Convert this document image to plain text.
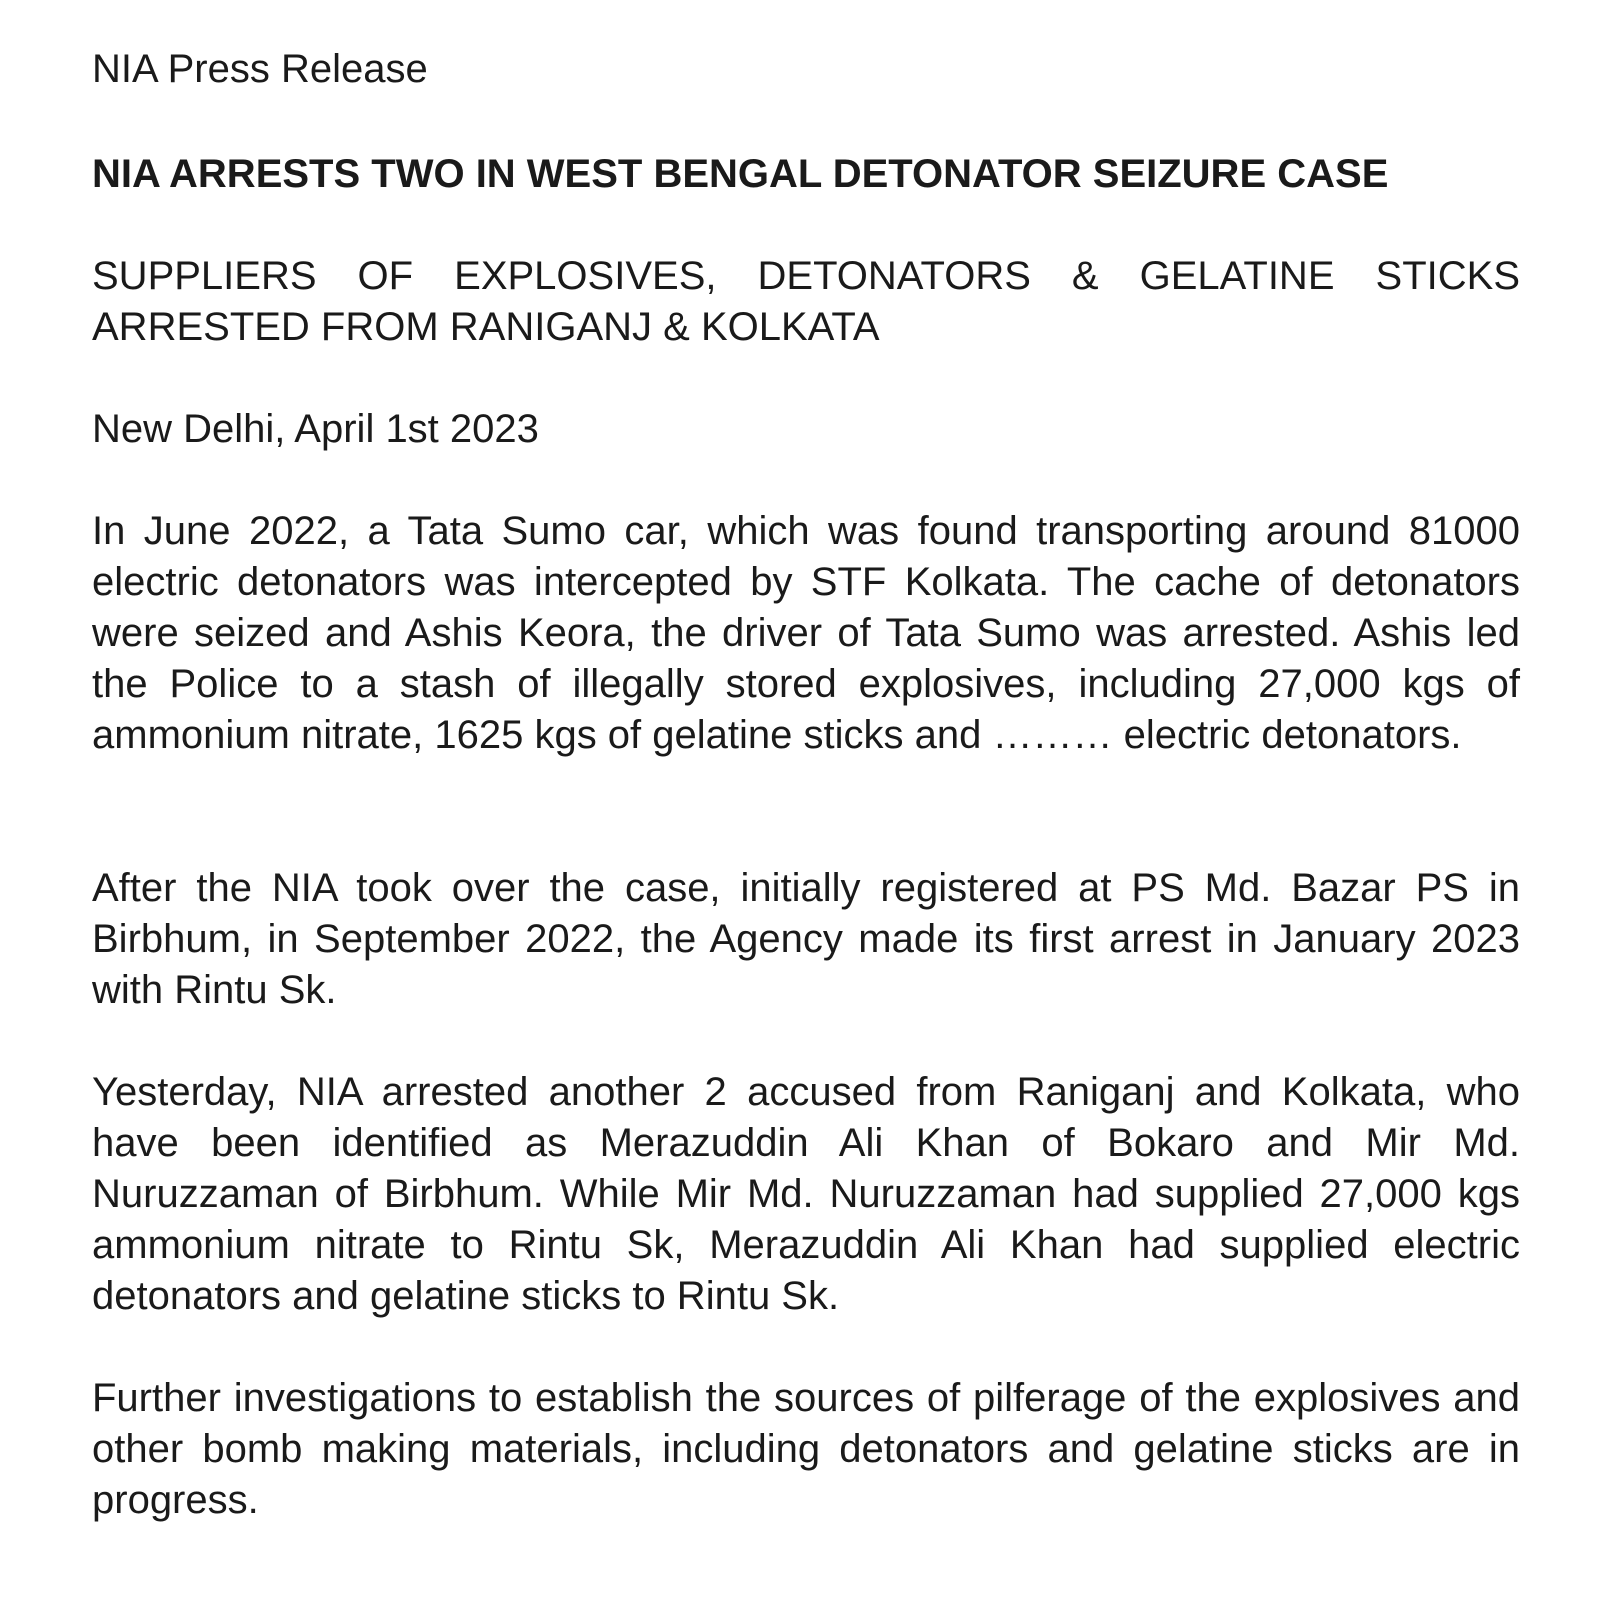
NIA Press Release

NIA ARRESTS TWO IN WEST BENGAL DETONATOR SEIZURE CASE

SUPPLIERS OF EXPLOSIVES, DETONATORS & GELATINE STICKS ARRESTED FROM RANIGANJ & KOLKATA

New Delhi, April 1st 2023

In June 2022, a Tata Sumo car, which was found transporting around 81000 electric detonators was intercepted by STF Kolkata. The cache of detonators were seized and Ashis Keora, the driver of Tata Sumo was arrested. Ashis led the Police to a stash of illegally stored explosives, including 27,000 kgs of ammonium nitrate, 1625 kgs of gelatine sticks and ……… electric detonators.

After the NIA took over the case, initially registered at PS Md. Bazar PS in Birbhum, in September 2022, the Agency made its first arrest in January 2023 with Rintu Sk.

Yesterday, NIA arrested another 2 accused from Raniganj and Kolkata, who have been identified as Merazuddin Ali Khan of Bokaro and Mir Md. Nuruzzaman of Birbhum. While Mir Md. Nuruzzaman had supplied 27,000 kgs ammonium nitrate to Rintu Sk, Merazuddin Ali Khan had supplied electric detonators and gelatine sticks to Rintu Sk.

Further investigations to establish the sources of pilferage of the explosives and other bomb making materials, including detonators and gelatine sticks are in progress.
